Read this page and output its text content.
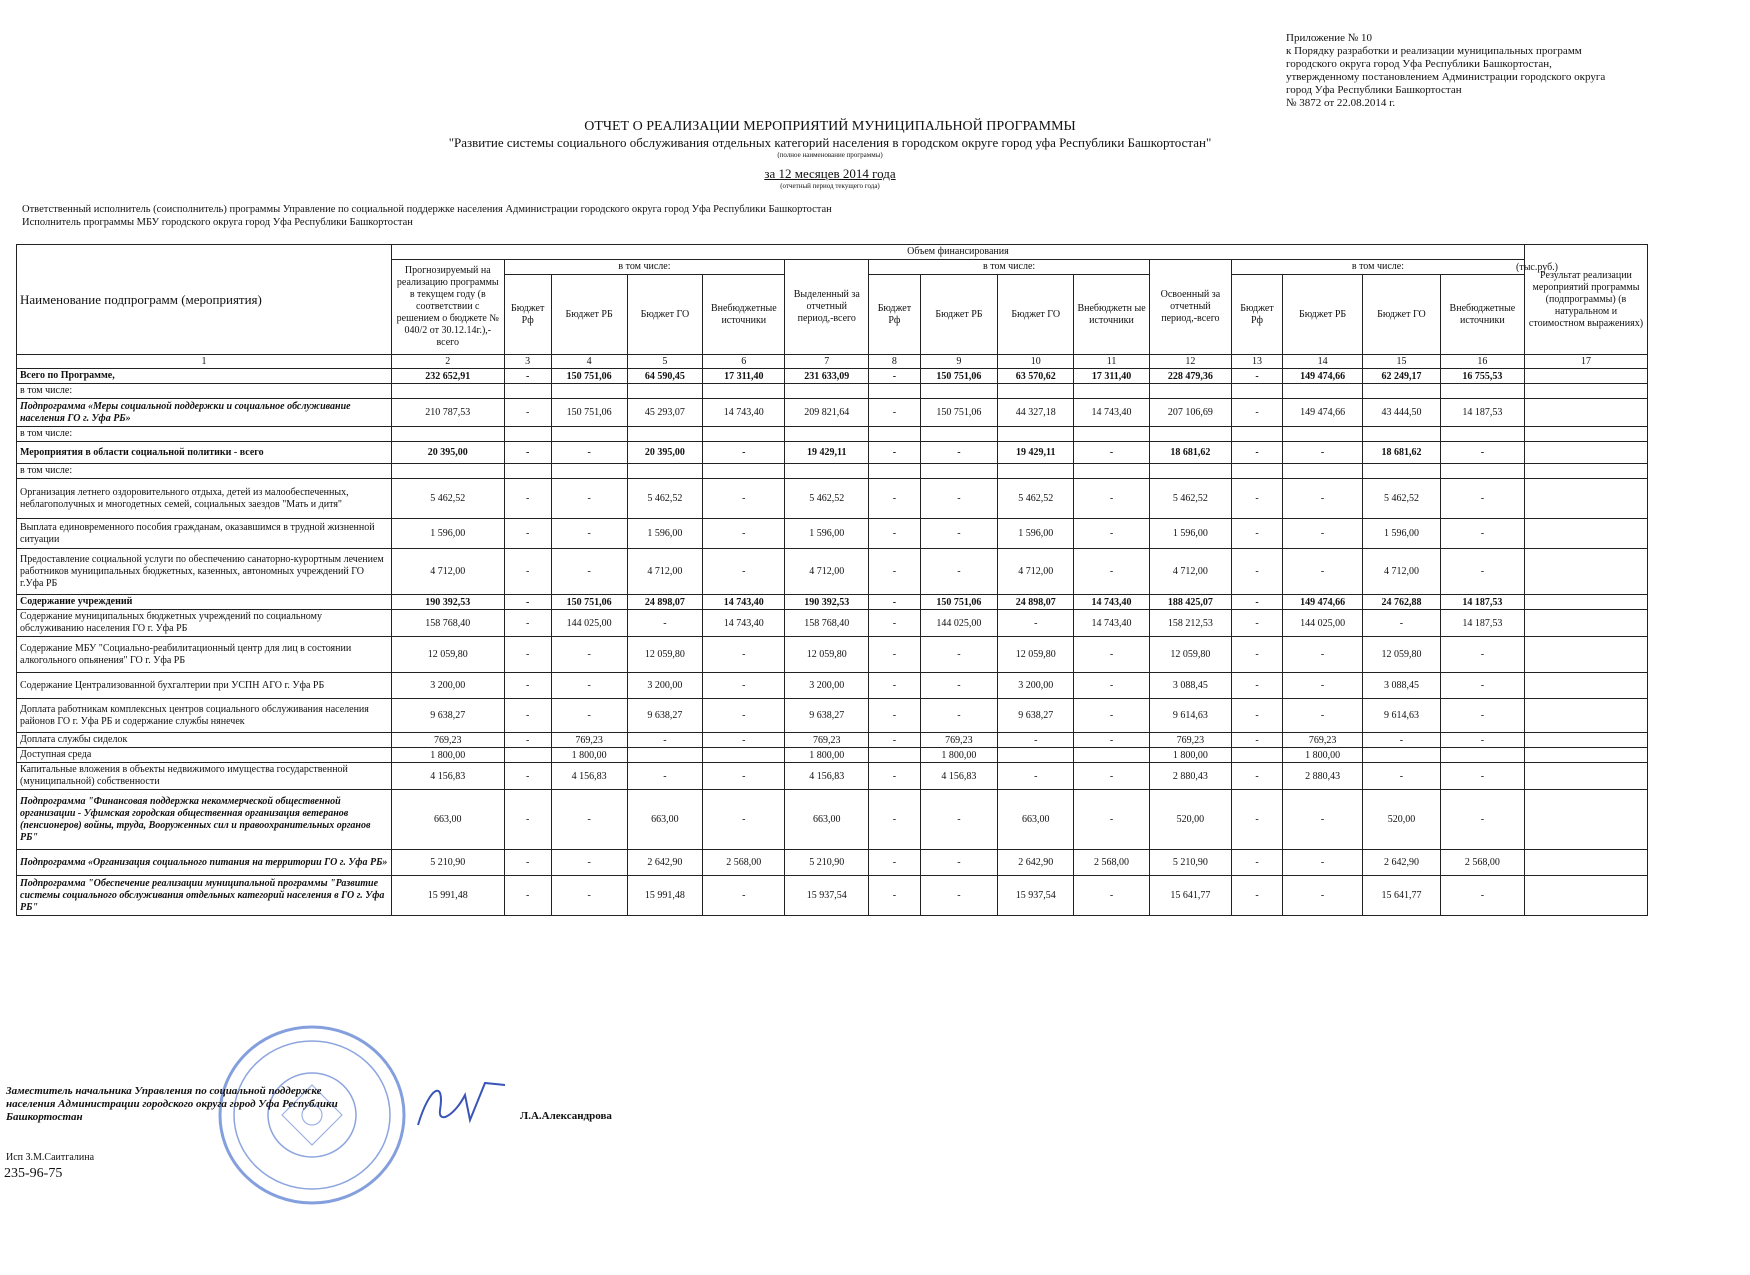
Приложение № 10
к Порядку разработки и реализации муниципальных программ
городского округа город Уфа Республики Башкортостан,
утвержденному постановлением Администрации городского округа
город Уфа Республики Башкортостан
№ 3872 от 22.08.2014 г.
ОТЧЕТ О РЕАЛИЗАЦИИ МЕРОПРИЯТИЙ МУНИЦИПАЛЬНОЙ ПРОГРАММЫ
"Развитие системы социального обслуживания отдельных категорий населения в городском округе город уфа Республики Башкортостан"
(полное наименование программы)
за 12 месяцев 2014 года
(отчетный период текущего года)
Ответственный исполнитель (соисполнитель) программы Управление по социальной поддержке населения Администрации городского округа город Уфа Республики Башкортостан
Исполнитель программы МБУ городского округа город Уфа Республики Башкортостан
Наименование подпрограмм (мероприятия)	Объем финансирования															Результат реализации мероприятий программы (подпрограммы) (в натуральном и стоимостном выражениях)
	Прогнозируемый на реализацию программы в текущем году (в соответствии с решением о бюджете № 040/2 от 30.12.14г.),-всего	в том числе:				Выделенный за отчетный период,-всего	в том числе:				Освоенный за отчетный период,-всего	в том числе:				
		Бюджет Рф	Бюджет РБ	Бюджет ГО	Внебюджетные источники		Бюджет Рф	Бюджет РБ	Бюджет ГО	Внебюджетн ые источники		Бюджет Рф	Бюджет РБ	Бюджет ГО	Внебюджетные источники	
1	2	3	4	5	6	7	8	9	10	11	12	13	14	15	16	17
Всего по Программе,	232 652,91	-	150 751,06	64 590,45	17 311,40	231 633,09	-	150 751,06	63 570,62	17 311,40	228 479,36	-	149 474,66	62 249,17	16 755,53	
в том числе:																
Подпрограмма «Меры социальной поддержки и социальное обслуживание населения ГО г. Уфа РБ»	210 787,53	-	150 751,06	45 293,07	14 743,40	209 821,64	-	150 751,06	44 327,18	14 743,40	207 106,69	-	149 474,66	43 444,50	14 187,53	
в том числе:																
Мероприятия в области социальной политики - всего	20 395,00	-	-	20 395,00	-	19 429,11	-	-	19 429,11	-	18 681,62	-	-	18 681,62	-	
в том числе:																
Организация летнего оздоровительного отдыха, детей из малообеспеченных, неблагополучных и многодетных семей, социальных заездов "Мать и дитя"	5 462,52	-	-	5 462,52	-	5 462,52	-	-	5 462,52	-	5 462,52	-	-	5 462,52	-	
Выплата единовременного пособия гражданам, оказавшимся в трудной жизненной ситуации	1 596,00	-	-	1 596,00	-	1 596,00	-	-	1 596,00	-	1 596,00	-	-	1 596,00	-	
Предоставление социальной услуги по обеспечению санаторно-курортным лечением работников муниципальных бюджетных, казенных, автономных учреждений ГО г.Уфа РБ	4 712,00	-	-	4 712,00	-	4 712,00	-	-	4 712,00	-	4 712,00	-	-	4 712,00	-	
Содержание учреждений	190 392,53	-	150 751,06	24 898,07	14 743,40	190 392,53	-	150 751,06	24 898,07	14 743,40	188 425,07	-	149 474,66	24 762,88	14 187,53	
Содержание муниципальных бюджетных учреждений по социальному обслуживанию населения ГО г. Уфа РБ	158 768,40	-	144 025,00	-	14 743,40	158 768,40	-	144 025,00	-	14 743,40	158 212,53	-	144 025,00	-	14 187,53	
Содержание МБУ "Социально-реабилитационный центр для лиц в состоянии алкогольного опьянения" ГО г. Уфа РБ	12 059,80	-	-	12 059,80	-	12 059,80	-	-	12 059,80	-	12 059,80	-	-	12 059,80	-	
Содержание Централизованной бухгалтерии при УСПН АГО г. Уфа РБ	3 200,00	-	-	3 200,00	-	3 200,00	-	-	3 200,00	-	3 088,45	-	-	3 088,45	-	
Доплата работникам комплексных центров социального обслуживания населения районов ГО г. Уфа РБ и содержание службы нянечек	9 638,27	-	-	9 638,27	-	9 638,27	-	-	9 638,27	-	9 614,63	-	-	9 614,63	-	
Доплата службы сиделок	769,23	-	769,23	-	-	769,23	-	769,23	-	-	769,23	-	769,23	-	-	
Доступная среда	1 800,00		1 800,00			1 800,00		1 800,00			1 800,00		1 800,00			
Капитальные вложения в объекты недвижимого имущества государственной (муниципальной) собственности	4 156,83	-	4 156,83	-	-	4 156,83	-	4 156,83	-	-	2 880,43	-	2 880,43	-	-	
Подпрограмма "Финансовая поддержка некоммерческой общественной организации - Уфимская городская общественная организация ветеранов (пенсионеров) войны, труда, Вооруженных сил и правоохранительных органов РБ"	663,00	-	-	663,00	-	663,00	-	-	663,00	-	520,00	-	-	520,00	-	
Подпрограмма «Организация социального питания на территории ГО г. Уфа РБ»	5 210,90	-	-	2 642,90	2 568,00	5 210,90	-	-	2 642,90	2 568,00	5 210,90	-	-	2 642,90	2 568,00	
Подпрограмма "Обеспечение реализации муниципальной программы "Развитие системы социального обслуживания отдельных категорий населения в ГО г. Уфа РБ"	15 991,48	-	-	15 991,48	-	15 937,54	-	-	15 937,54	-	15 641,77	-	-	15 641,77	-	
(тыс.руб.)
Заместитель начальника Управления по социальной поддержке населения Администрации городского округа город Уфа Республики Башкортостан	Л.А.Александрова
Исп З.М.Саитгалина
235-96-75
